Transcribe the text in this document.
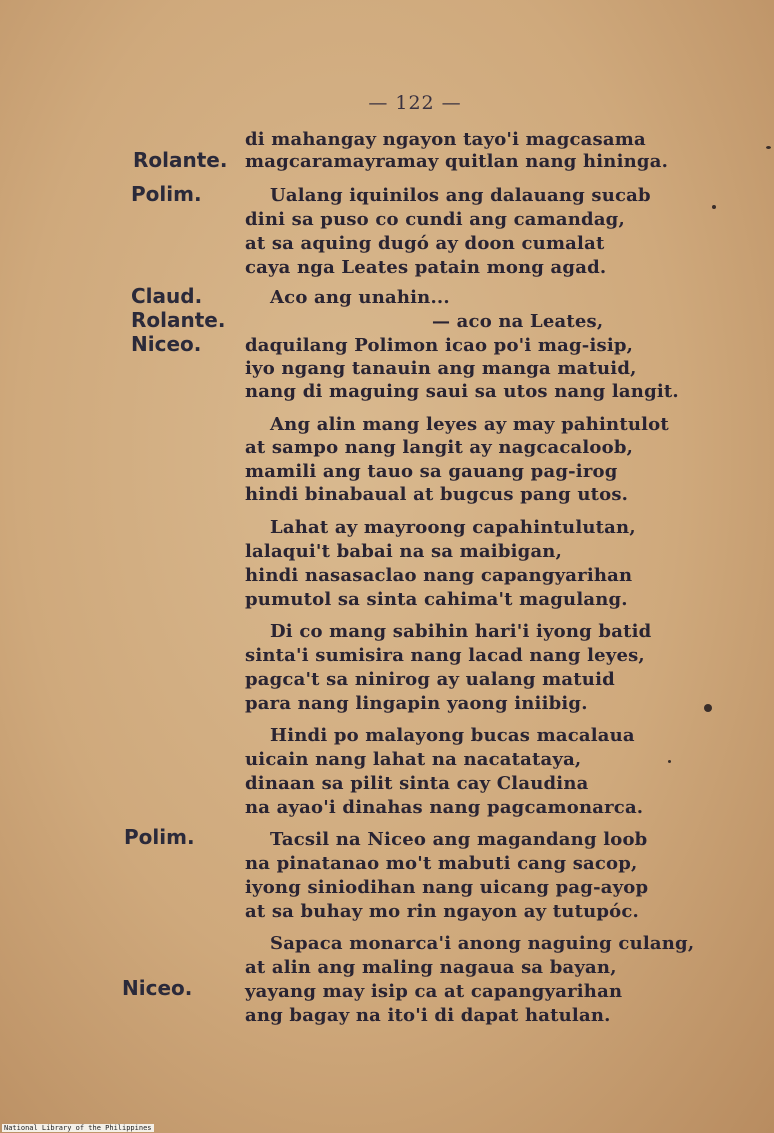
— 122 —
Rolante.
Polim.
Claud.
Rolante.
Niceo.
Polim.
Niceo.
di mahangay ngayon tayo'i magcasama
magcaramayramay quitlan nang hininga.
Ualang iquinilos ang dalauang sucab
dini sa puso co cundi ang camandag,
at sa aquing dugó ay doon cumalat
caya nga Leates patain mong agad.
Aco ang unahin...
— aco na Leates,
daquilang Polimon icao po'i mag-isip,
iyo ngang tanauin ang manga matuid,
nang di maguing saui sa utos nang langit.
Ang alin mang leyes ay may pahintulot
at sampo nang langit ay nagcacaloob,
mamili ang tauo sa gauang pag-irog
hindi binabaual at bugcus pang utos.
Lahat ay mayroong capahintulutan,
lalaqui't babai na sa maibigan,
hindi nasasaclao nang capangyarihan
pumutol sa sinta cahima't magulang.
Di co mang sabihin hari'i iyong batid
sinta'i sumisira nang lacad nang leyes,
pagca't sa ninirog ay ualang matuid
para nang lingapin yaong iniibig.
Hindi po malayong bucas macalaua
uicain nang lahat na nacatataya,
dinaan sa pilit sinta cay Claudina
na ayao'i dinahas nang pagcamonarca.
Tacsil na Niceo ang magandang loob
na pinatanao mo't mabuti cang sacop,
iyong siniodihan nang uicang pag-ayop
at sa buhay mo rin ngayon ay tutupóc.
Sapaca monarca'i anong naguing culang,
at alin ang maling nagaua sa bayan,
yayang may isip ca at capangyarihan
ang bagay na ito'i di dapat hatulan.
National Library of the Philippines
